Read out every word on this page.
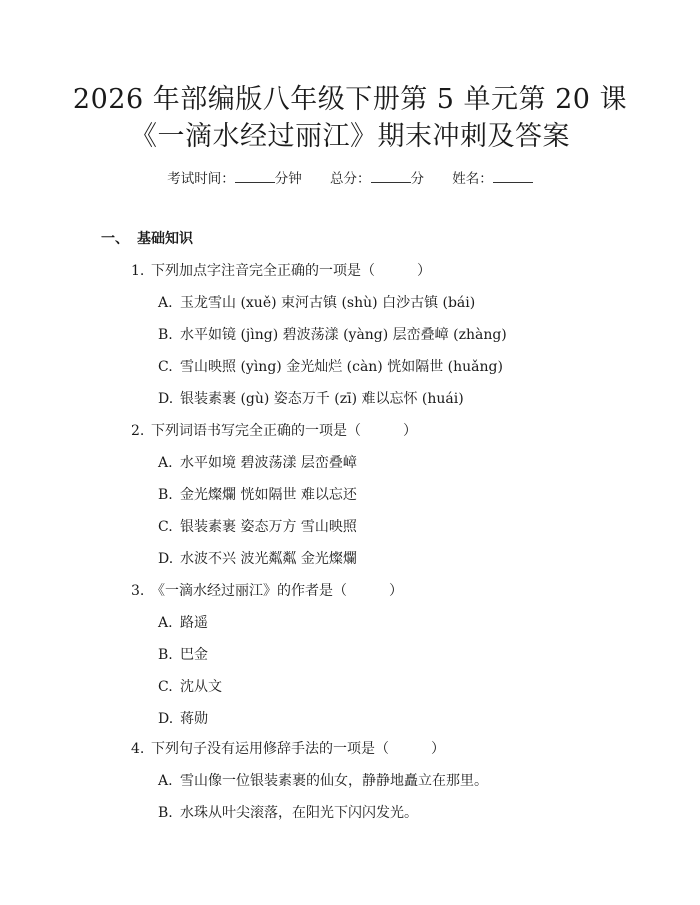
2026 年部编版八年级下册第 5 单元第 20 课
《一滴水经过丽江》期末冲刺及答案
考试时间：	分钟 总分：	分 姓名：
一、 基础知识
1. 下列加点字注音完全正确的一项是（	）
A. 玉龙雪山 (xuě) 束河古镇 (shù) 白沙古镇 (bái)
B. 水平如镜 (jìng) 碧波荡漾 (yàng) 层峦叠嶂 (zhàng)
C. 雪山映照 (yìng) 金光灿烂 (càn) 恍如隔世 (huǎng)
D. 银装素裹 (gù) 姿态万千 (zī) 难以忘怀 (huái)
2. 下列词语书写完全正确的一项是（	）
A. 水平如境 碧波荡漾 层峦叠嶂
B. 金光燦爛 恍如隔世 难以忘还
C. 银装素裹 姿态万方 雪山映照
D. 水波不兴 波光粼粼 金光燦爛
3. 《一滴水经过丽江》的作者是（	）
A. 路遥
B. 巴金
C. 沈从文
D. 蒋勋
4. 下列句子没有运用修辞手法的一项是（	）
A. 雪山像一位银装素裹的仙女，静静地矗立在那里。
B. 水珠从叶尖滚落，在阳光下闪闪发光。
